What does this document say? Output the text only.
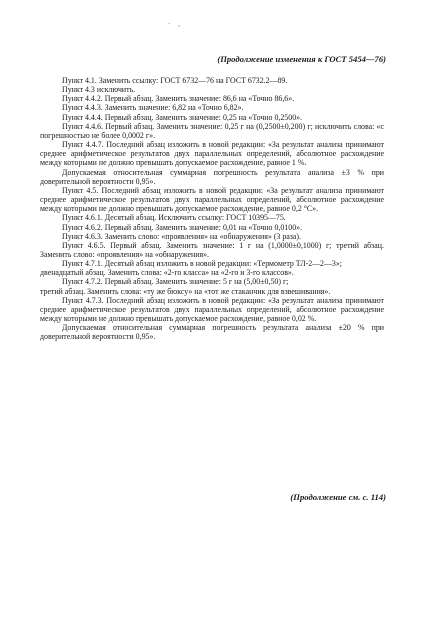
· ,
(Продолжение изменения к ГОСТ 5454—76)

Пункт 4.1. Заменить ссылку: ГОСТ 6732—76 на ГОСТ 6732.2—89.

Пункт 4.3 исключить.

Пункт 4.4.2. Первый абзац. Заменить значение: 86,6 на «Точно 86,6».

Пункт 4.4.3. Заменить значение: 6,82 на «Точно 6,82».

Пункт 4.4.4. Первый абзац. Заменить значение: 0,25 на «Точно 0,2500».

Пункт 4.4.6. Первый абзац. Заменить значение: 0,25 г на (0,2500±0,200) г; исключить слова: «с погрешностью не более 0,0002 г».

Пункт 4.4.7. Последний абзац изложить в новой редакции: «За результат анализа принимают среднее арифметическое результатов двух параллельных определений, абсолютное расхождение между которыми не должно превышать допускаемое расхождение, равное 1 %.

Допускаемая относительная суммарная погрешность результата анализа ±3 % при доверительной вероятности 0,95».

Пункт 4.5. Последний абзац изложить в новой редакции: «За результат анализа принимают среднее арифметическое результатов двух параллельных определений, абсолютное расхождение между которыми не должно превышать допускаемое расхождение, равное 0,2 °С».

Пункт 4.6.1. Десятый абзац. Исключить ссылку: ГОСТ 10395—75.

Пункт 4.6.2. Первый абзац. Заменить значение: 0,01 на «Точно 0,0100».

Пункт 4.6.3. Заменить слово: «проявления» на «обнаружения» (3 раза).

Пункт 4.6.5. Первый абзац. Заменить значение: 1 г на (1,0000±0,1000) г; третий абзац. Заменить слово: «проявления» на «обнаружения».

Пункт 4.7.1. Десятый абзац изложить в новой редакции: «Термометр ТЛ-2—2—3»;

двенадцатый абзац. Заменить слова: «2-го класса» на «2-го и 3-го классов».

Пункт 4.7.2. Первый абзац. Заменить значение: 5 г на (5,00±0,50) г;

третий абзац. Заменить слова: «ту же бюксу» на «тот же стаканчик для взвешивания».

Пункт 4.7.3. Последний абзац изложить в новой редакции: «За результат анализа принимают среднее арифметическое результатов двух параллельных определений, абсолютное расхождение между которыми не должно превышать допускаемое расхождение, равное 0,02 %.

Допускаемая относительная суммарная погрешность результата анализа ±20 % при доверительной вероятности 0,95».

(Продолжение см. с. 114)
